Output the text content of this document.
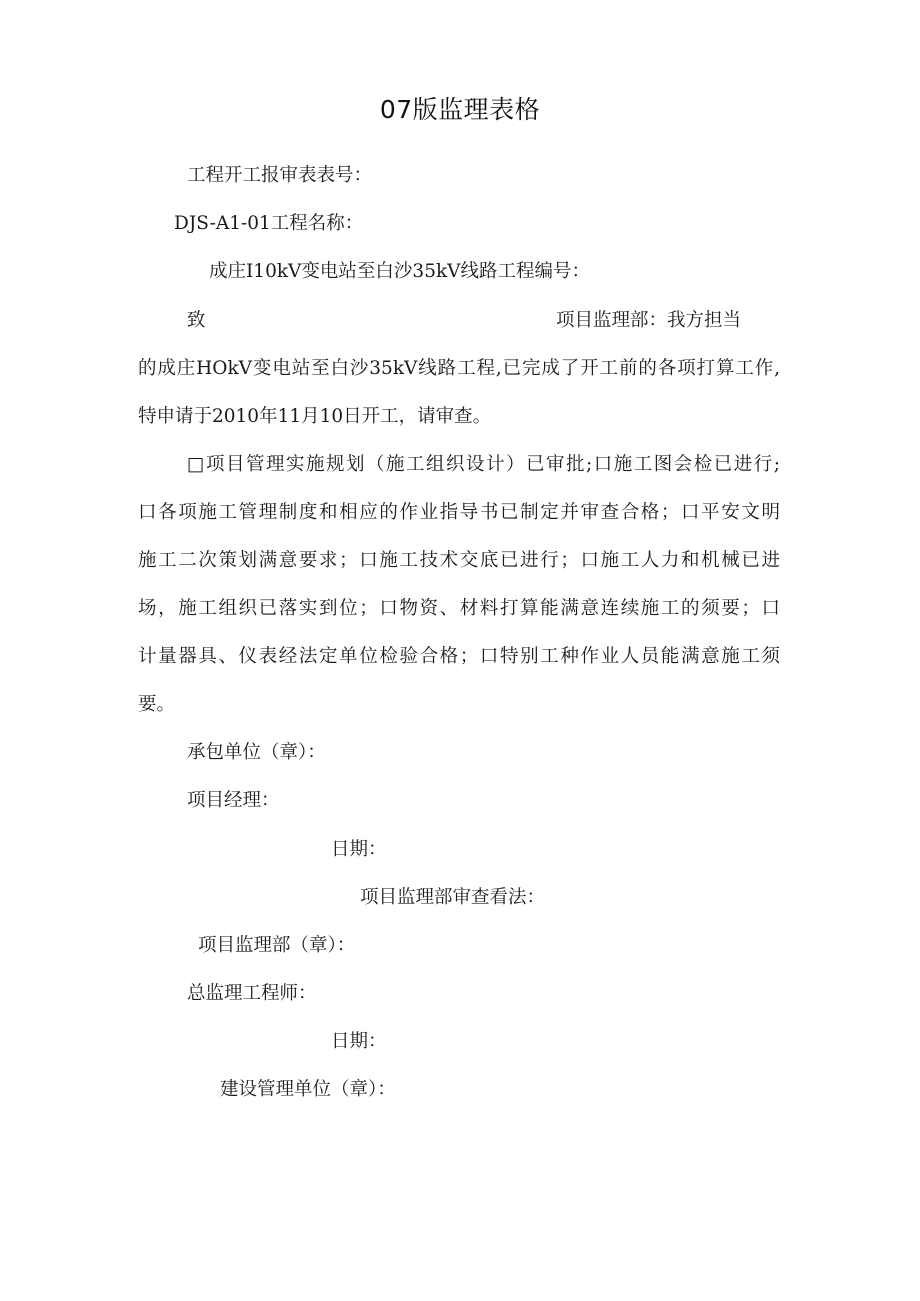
07版监理表格
工程开工报审表表号：
DJS-A1-01工程名称：
成庄I10kV变电站至白沙35kV线路工程编号：
致	项目监理部：我方担当
的成庄HOkV变电站至白沙35kV线路工程,已完成了开工前的各项打算工作,
特申请于2010年11月10日开工，请审查。
□项目管理实施规划（施工组织设计）已审批;口施工图会检已进行;
口各项施工管理制度和相应的作业指导书已制定并审查合格；口平安文明
施工二次策划满意要求；口施工技术交底已进行；口施工人力和机械已进
场，施工组织已落实到位；口物资、材料打算能满意连续施工的须要；口
计量器具、仪表经法定单位检验合格；口特别工种作业人员能满意施工须
要。
承包单位（章）：
项目经理：
日期：
项目监理部审查看法：
项目监理部（章）：
总监理工程师：
日期：
建设管理单位（章）：
